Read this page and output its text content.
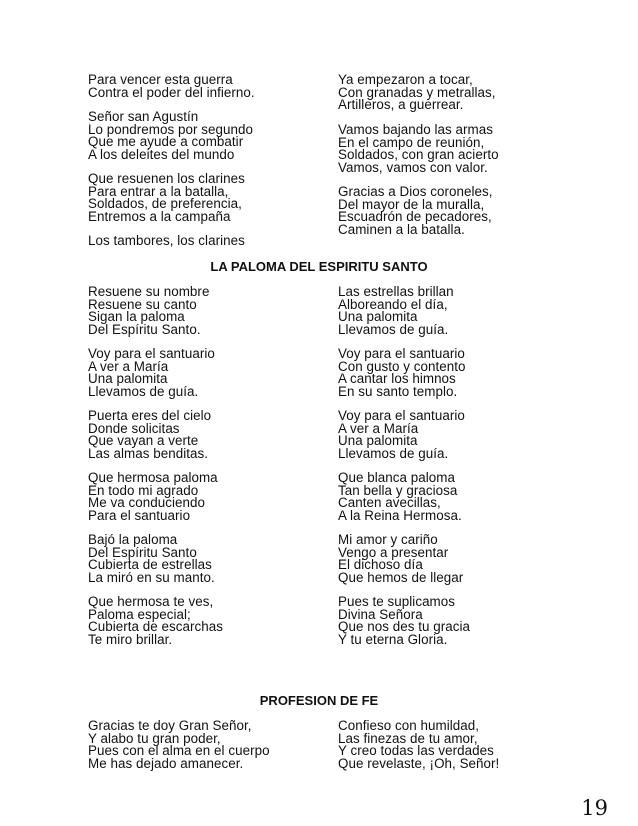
Para vencer esta guerra
Contra el poder del infierno.
Señor san Agustín
Lo pondremos por segundo
Que me ayude a combatir
A los deleites del mundo
Que resuenen los clarines
Para entrar a la batalla,
Soldados, de preferencia,
Entremos a la campaña
Los tambores, los clarines
Ya empezaron a tocar,
Con granadas y metrallas,
Artilleros, a guerrear.
Vamos bajando las armas
En el campo de reunión,
Soldados, con gran acierto
Vamos, vamos con valor.
Gracias a Dios coroneles,
Del mayor de la muralla,
Escuadrón de pecadores,
Caminen a la batalla.
LA PALOMA DEL ESPIRITU SANTO
Resuene su nombre
Resuene su canto
Sigan la paloma
Del Espíritu Santo.
Voy para el santuario
A ver a María
Una palomita
Llevamos de guía.
Puerta eres del cielo
Donde solicitas
Que vayan a verte
Las almas benditas.
Que hermosa paloma
En todo mi agrado
Me va conduciendo
Para el santuario
Bajó la paloma
Del Espíritu Santo
Cubierta de estrellas
La miró en su manto.
Que hermosa te ves,
Paloma especial;
Cubierta de escarchas
Te miro brillar.
Las estrellas brillan
Alboreando el día,
Una palomita
Llevamos de guía.
Voy para el santuario
Con gusto y contento
A cantar los himnos
En su santo templo.
Voy para el santuario
A ver a María
Una palomita
Llevamos de guía.
Que blanca paloma
Tan bella y graciosa
Canten avecillas,
A la Reina Hermosa.
Mi amor y cariño
Vengo a presentar
El dichoso día
Que hemos de llegar
Pues te suplicamos
Divina Señora
Que nos des tu gracia
Y tu eterna Gloria.
PROFESION DE FE
Gracias te doy Gran Señor,
Y alabo tu gran poder,
Pues con el alma en el cuerpo
Me has dejado amanecer.
Confieso con humildad,
Las finezas de tu amor,
Y creo todas las verdades
Que revelaste, ¡Oh, Señor!
19
